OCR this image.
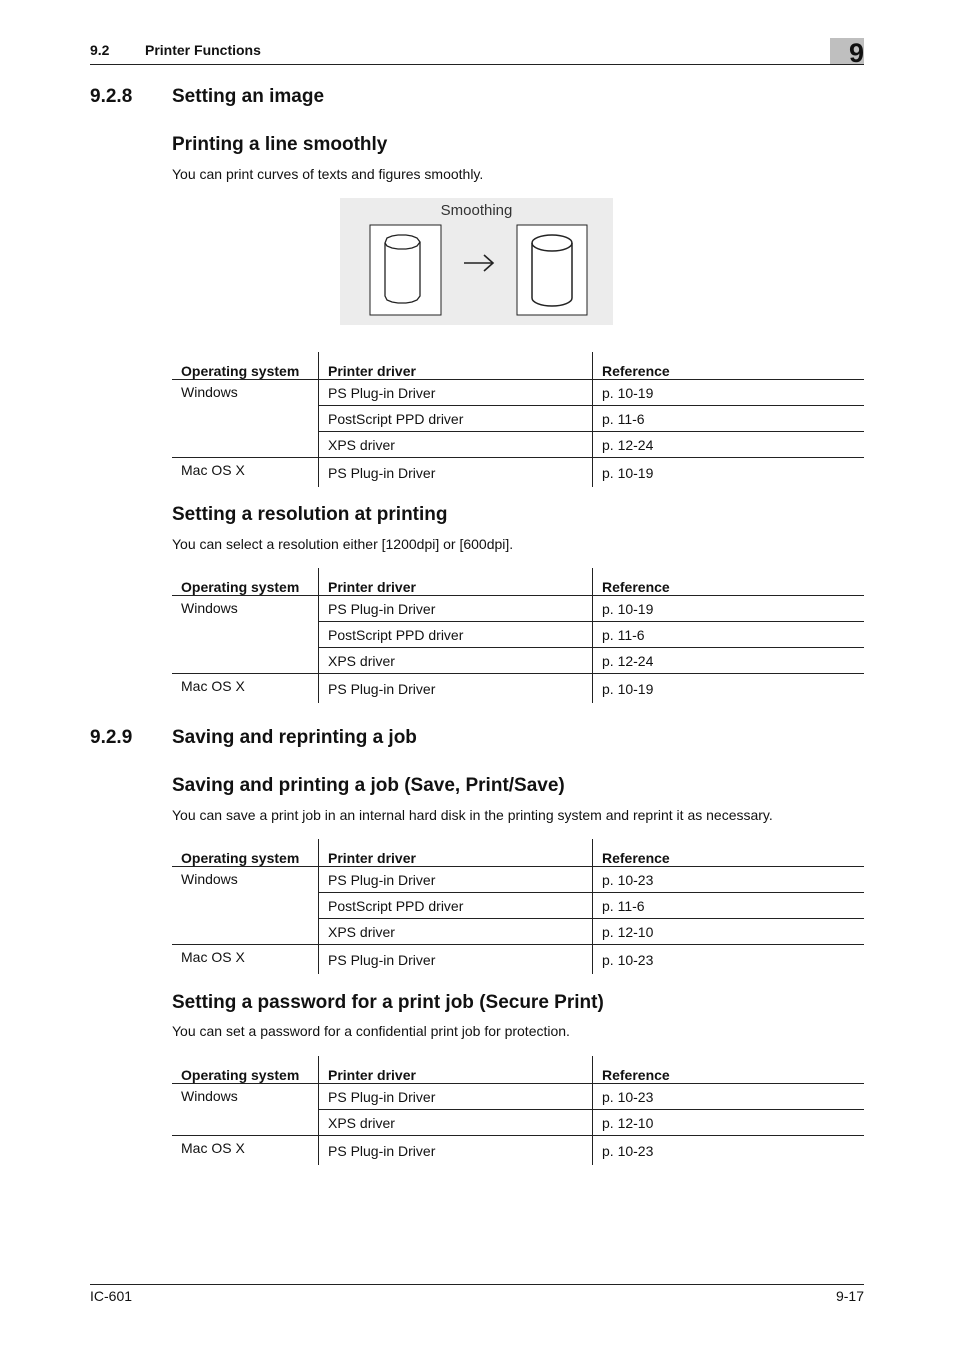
9.2	Printer Functions	9
9.2.8 Setting an image
Printing a line smoothly
You can print curves of texts and figures smoothly.
Smoothing
Operating system	Printer driver	Reference
Windows	PS Plug-in Driver	p. 10-19
	PostScript PPD driver	p. 11-6
	XPS driver	p. 12-24
Mac OS X	PS Plug-in Driver	p. 10-19
Setting a resolution at printing
You can select a resolution either [1200dpi] or [600dpi].
Operating system	Printer driver	Reference
Windows	PS Plug-in Driver	p. 10-19
	PostScript PPD driver	p. 11-6
	XPS driver	p. 12-24
Mac OS X	PS Plug-in Driver	p. 10-19
9.2.9 Saving and reprinting a job
Saving and printing a job (Save, Print/Save)
You can save a print job in an internal hard disk in the printing system and reprint it as necessary.
Operating system	Printer driver	Reference
Windows	PS Plug-in Driver	p. 10-23
	PostScript PPD driver	p. 11-6
	XPS driver	p. 12-10
Mac OS X	PS Plug-in Driver	p. 10-23
Setting a password for a print job (Secure Print)
You can set a password for a confidential print job for protection.
Operating system	Printer driver	Reference
Windows	PS Plug-in Driver	p. 10-23
	XPS driver	p. 12-10
Mac OS X	PS Plug-in Driver	p. 10-23
IC-601	9-17
